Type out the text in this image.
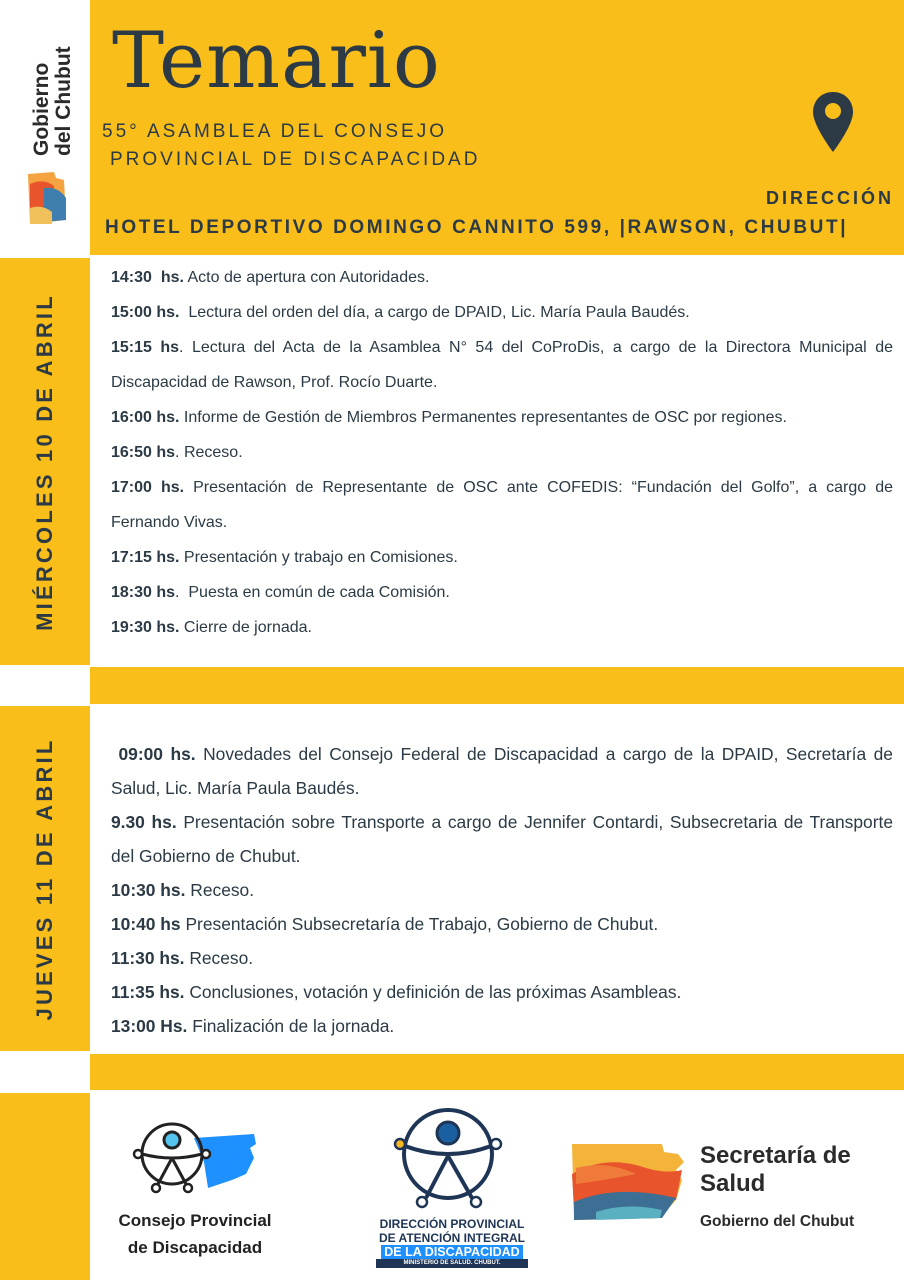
Gobierno del Chubut Temario
55° ASAMBLEA DEL CONSEJO
PROVINCIAL DE DISCAPACIDAD
DIRECCIÓN
HOTEL DEPORTIVO DOMINGO CANNITO 599, |RAWSON, CHUBUT|
MIÉRCOLES 10 DE ABRIL
14:30  hs. Acto de apertura con Autoridades.
15:00 hs.  Lectura del orden del día, a cargo de DPAID, Lic. María Paula Baudés.
15:15 hs. Lectura del Acta de la Asamblea N° 54 del CoProDis, a cargo de la Directora Municipal de Discapacidad de Rawson, Prof. Rocío Duarte.
16:00 hs. Informe de Gestión de Miembros Permanentes representantes de OSC por regiones.
16:50 hs. Receso.
17:00 hs. Presentación de Representante de OSC ante COFEDIS: “Fundación del Golfo”, a cargo de Fernando Vivas.
17:15 hs. Presentación y trabajo en Comisiones.
18:30 hs.  Puesta en común de cada Comisión.
19:30 hs. Cierre de jornada.
JUEVES 11 DE ABRIL	09:00 hs. Novedades del Consejo Federal de Discapacidad a cargo de la DPAID, Secretaría de Salud, Lic. María Paula Baudés.
9.30 hs. Presentación sobre Transporte a cargo de Jennifer Contardi, Subsecretaria de Transporte del Gobierno de Chubut.
10:30 hs. Receso.
10:40 hs Presentación Subsecretaría de Trabajo, Gobierno de Chubut.
11:30 hs. Receso.
11:35 hs. Conclusiones, votación y definición de las próximas Asambleas.
13:00 Hs. Finalización de la jornada.
Consejo Provincial
de Discapacidad
DIRECCIÓN PROVINCIAL
DE ATENCIÓN INTEGRAL
DE LA DISCAPACIDAD
MINISTERIO DE SALUD. CHUBUT.
Secretaría de
Salud
Gobierno del Chubut
